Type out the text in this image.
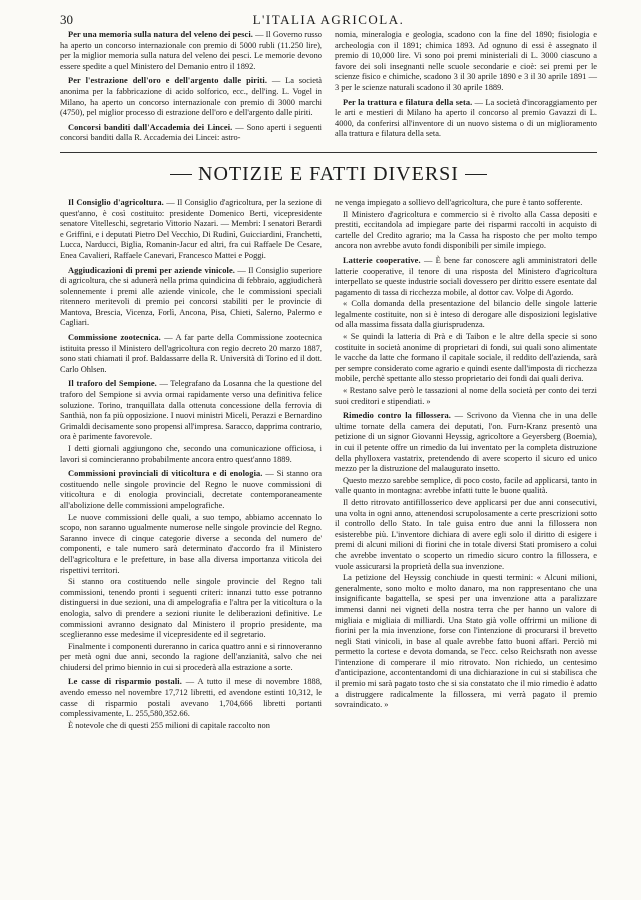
30	L'ITALIA AGRICOLA.

Per una memoria sulla natura del veleno dei pesci. — Il Governo russo ha aperto un concorso internazionale con premio di 5000 rubli (11.250 lire), per la miglior memoria sulla natura del veleno dei pesci. Le memorie devono essere spedite a quel Ministero del Demanio entro il 1892.

Per l'estrazione dell'oro e dell'argento dalle piriti. — La società anonima per la fabbricazione di acido solforico, ecc., dell'ing. L. Vogel in Milano, ha aperto un concorso internazionale con premio di 3000 marchi (4750), pel miglior processo di estrazione dell'oro e dell'argento dalle piriti.

Concorsi banditi dall'Accademia dei Lincei. — Sono aperti i seguenti concorsi banditi dalla R. Accademia dei Lincei: astro-

nomia, mineralogia e geologia, scadono con la fine del 1890; fisiologia e archeologia con il 1891; chimica 1893. Ad ognuno di essi è assegnato il premio di 10,000 lire. Vi sono poi premi ministeriali di L. 3000 ciascuno a favore dei soli insegnanti nelle scuole secondarie e cioè: sei premi per le scienze fisico e chimiche, scadono 3 il 30 aprile 1890 e 3 il 30 aprile 1891 — 3 per le scienze naturali scadono il 30 aprile 1889.

Per la trattura e filatura della seta. — La società d'incoraggiamento per le arti e mestieri di Milano ha aperto il concorso al premio Gavazzi di L. 4000, da conferirsi all'inventore di un nuovo sistema o di un miglioramento alla trattura e filatura della seta.

NOTIZIE E FATTI DIVERSI

Il Consiglio d'agricoltura. — Il Consiglio d'agricoltura, per la sezione di quest'anno, è così costituito: presidente Domenico Berti, vicepresidente senatore Vitelleschi, segretario Vittorio Nazari. — Membri: I senatori Berardi e Griffini, e i deputati Pietro Del Vecchio, Di Rudinì, Guicciardini, Franchetti, Lucca, Narducci, Biglia, Romanin-Jacur ed altri, fra cui Raffaele De Cesare, Enea Cavalieri, Raffaele Canevari, Francesco Mattei e Poggi.

Aggiudicazioni di premi per aziende vinicole. — Il Consiglio superiore di agricoltura, che si adunerà nella prima quindicina di febbraio, aggiudicherà solennemente i premi alle aziende vinicole, che le commissioni speciali ritennero meritevoli di premio pei concorsi stabiliti per le provincie di Mantova, Brescia, Vicenza, Forlì, Ancona, Pisa, Chieti, Salerno, Palermo e Cagliari.

Commissione zootecnica. — A far parte della Commissione zootecnica istituita presso il Ministero dell'agricoltura con regio decreto 20 marzo 1887, sono stati chiamati il prof. Baldassarre della R. Università di Torino ed il dott. Carlo Ohlsen.

Il traforo del Sempione. — Telegrafano da Losanna che la questione del traforo del Sempione si avvia ormai rapidamente verso una definitiva felice soluzione. Torino, tranquillata dalla ottenuta concessione della ferrovia di Santhià, non fa più opposizione. I nuovi ministri Miceli, Perazzi e Bernardino Grimaldi decisamente sono propensi all'impresa. Saracco, dapprima contrario, ora è parimente favorevole.

I detti giornali aggiungono che, secondo una comunicazione officiosa, i lavori si comincieranno probabilmente ancora entro quest'anno 1889.

Commissioni provinciali di viticoltura e di enologia. — Si stanno ora costituendo nelle singole provincie del Regno le nuove commissioni di viticoltura e di enologia provinciali, decretate contemporaneamente all'abolizione delle commissioni ampelografiche.

Le nuove commissioni delle quali, a suo tempo, abbiamo accennato lo scopo, non saranno ugualmente numerose nelle singole provincie del Regno. Saranno invece di cinque categorie diverse a seconda del numero de' componenti, e tale numero sarà determinato d'accordo fra il Ministero dell'agricoltura e le prefetture, in base alla diversa importanza viticola dei rispettivi territori.

Si stanno ora costituendo nelle singole provincie del Regno tali commissioni, tenendo pronti i seguenti criteri: innanzi tutto esse potranno distinguersi in due sezioni, una di ampelografia e l'altra per la viticoltura o la enologia, salvo di prendere a sezioni riunite le deliberazioni definitive. Le commissioni avranno designato dal Ministero il proprio presidente, ma sceglieranno esse medesime il vicepresidente ed il segretario.

Finalmente i componenti dureranno in carica quattro anni e si rinnoveranno per metà ogni due anni, secondo la ragione dell'anzianità, salvo che nei chiudersi del primo biennio in cui si procederà alla estrazione a sorte.

Le casse di risparmio postali. — A tutto il mese di novembre 1888, avendo emesso nel novembre 17,712 libretti, ed avendone estinti 10,312, le casse di risparmio postali avevano 1,704,666 libretti portanti complessivamente, L. 255,580,352.66.

È notevole che di questi 255 milioni di capitale raccolto non

ne venga impiegato a sollievo dell'agricoltura, che pure è tanto sofferente.

Il Ministero d'agricoltura e commercio si è rivolto alla Cassa depositi e prestiti, eccitandola ad impiegare parte dei risparmi raccolti in acquisto di cartelle del Credito agrario; ma la Cassa ha risposto che per molto tempo ancora non avrebbe avuto fondi disponibili per simile impiego.

Latterie cooperative. — È bene far conoscere agli amministratori delle latterie cooperative, il tenore di una risposta del Ministero d'agricoltura interpellato se queste industrie sociali dovessero per diritto essere esentate dal pagamento di tassa di ricchezza mobile, al dottor cav. Volpe di Agordo.

« Colla domanda della presentazione del bilancio delle singole latterie legalmente costituite, non si è inteso di derogare alle disposizioni legislative od alla massima fissata dalla giurisprudenza.

« Se quindi la latteria di Prà e di Taibon e le altre della specie si sono costituite in società anonime di proprietari di fondi, sui quali sono alimentate le vacche da latte che formano il capitale sociale, il reddito dell'azienda, sarà per sempre considerato come agrario e quindi esente dall'imposta di ricchezza mobile, perchè spettante allo stesso proprietario dei fondi dai quali deriva.

« Restano salve però le tassazioni al nome della società per conto dei terzi suoi creditori e stipendiati. »

Rimedio contro la fillossera. — Scrivono da Vienna che in una delle ultime tornate della camera dei deputati, l'on. Furn-Kranz presentò una petizione di un signor Giovanni Heyssig, agricoltore a Geyersberg (Boemia), in cui il petente offre un rimedio da lui inventato per la completa distruzione della phylloxera vastatrix, pretendendo di avere scoperto il sicuro ed unico mezzo per la distruzione del malaugurato insetto.

Questo mezzo sarebbe semplice, di poco costo, facile ad applicarsi, tanto in valle quanto in montagna: avrebbe infatti tutte le buone qualità.

Il detto ritrovato antifillosserico deve applicarsi per due anni consecutivi, una volta in ogni anno, attenendosi scrupolosamente a certe prescrizioni sotto il controllo dello Stato. In tale guisa entro due anni la fillossera non esisterebbe più. L'inventore dichiara di avere egli solo il diritto di esigere i premi di alcuni milioni di fiorini che in totale diversi Stati promisero a colui che avrebbe inventato o scoperto un rimedio sicuro contro la fillossera, e vuole assicurarsi la proprietà della sua invenzione.

La petizione del Heyssig conchiude in questi termini: « Alcuni milioni, generalmente, sono molto e molto danaro, ma non rappresentano che una insignificante bagattella, se spesi per una invenzione atta a paralizzare immensi danni nei vigneti della nostra terra che per hanno un valore di migliaia e migliaia di milliardi. Una Stato già volle offrirmi un milione di fiorini per la mia invenzione, forse con l'intenzione di procurarsi il brevetto negli Stati vinicoli, in base al quale avrebbe fatto buoni affari. Perciò mi permetto la cortese e devota domanda, se l'ecc. celso Reichsrath non avesse l'intenzione di comperare il mio ritrovato. Non richiedo, un centesimo d'anticipazione, accontentandomi di una dichiarazione in cui si stabilisca che il premio mi sarà pagato tosto che si sia constatato che il mio rimedio è adatto a distruggere radicalmente la fillossera, mi verrà pagato il premio sovraindicato. »
